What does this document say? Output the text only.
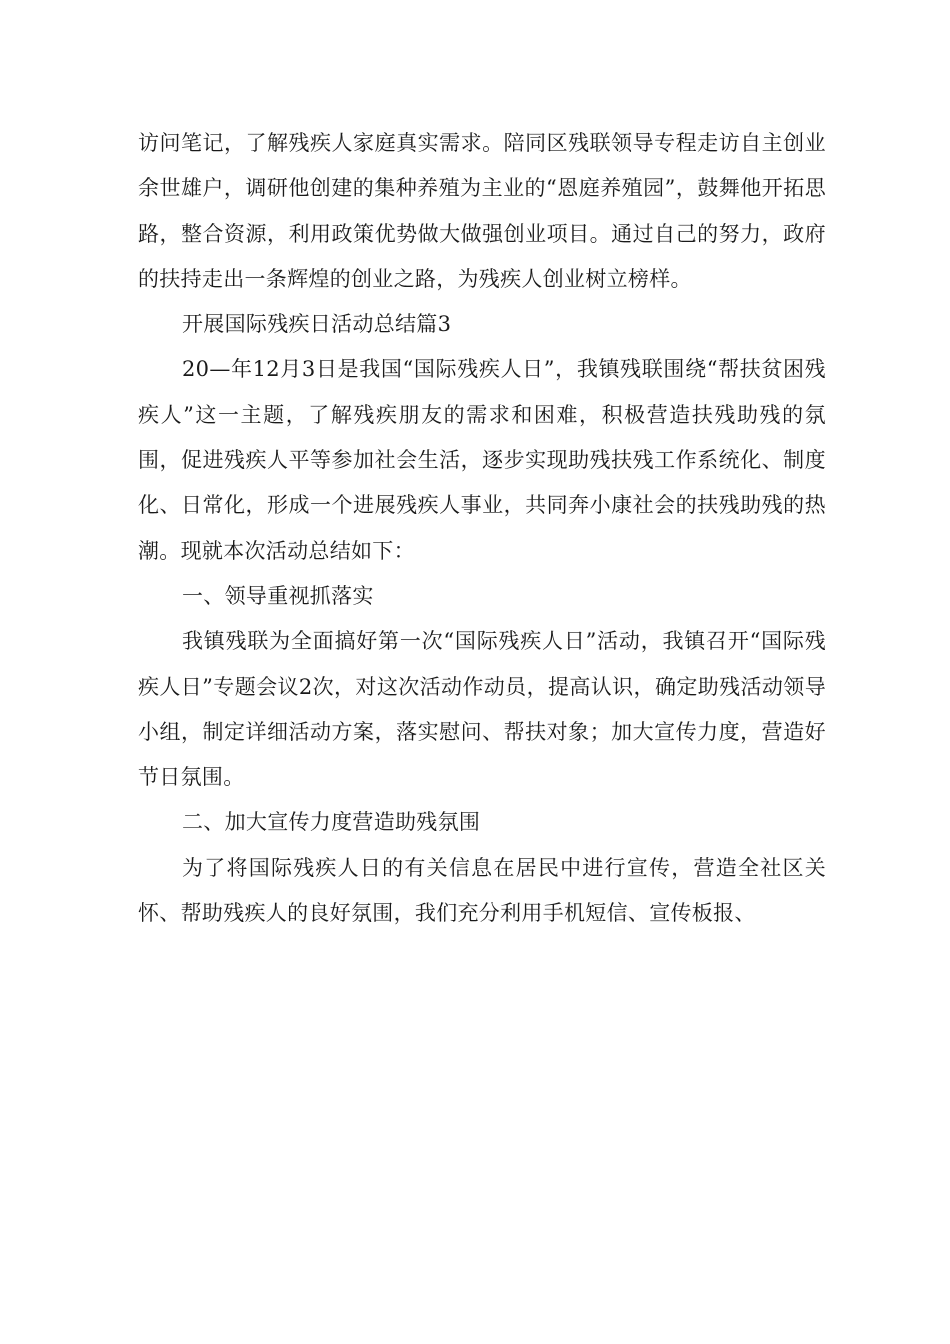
访问笔记，了解残疾人家庭真实需求。陪同区残联领导专程走访自主创业余世雄户，调研他创建的集种养殖为主业的“恩庭养殖园”，鼓舞他开拓思路，整合资源，利用政策优势做大做强创业项目。通过自己的努力，政府的扶持走出一条辉煌的创业之路，为残疾人创业树立榜样。

开展国际残疾日活动总结篇3

20—年12月3日是我国“国际残疾人日”，我镇残联围绕“帮扶贫困残疾人”这一主题，了解残疾朋友的需求和困难，积极营造扶残助残的氛围，促进残疾人平等参加社会生活，逐步实现助残扶残工作系统化、制度化、日常化，形成一个进展残疾人事业，共同奔小康社会的扶残助残的热潮。现就本次活动总结如下：

一、领导重视抓落实

我镇残联为全面搞好第一次“国际残疾人日”活动，我镇召开“国际残疾人日”专题会议2次，对这次活动作动员，提高认识，确定助残活动领导小组，制定详细活动方案，落实慰问、帮扶对象；加大宣传力度，营造好节日氛围。

二、加大宣传力度营造助残氛围

为了将国际残疾人日的有关信息在居民中进行宣传，营造全社区关怀、帮助残疾人的良好氛围，我们充分利用手机短信、宣传板报、
